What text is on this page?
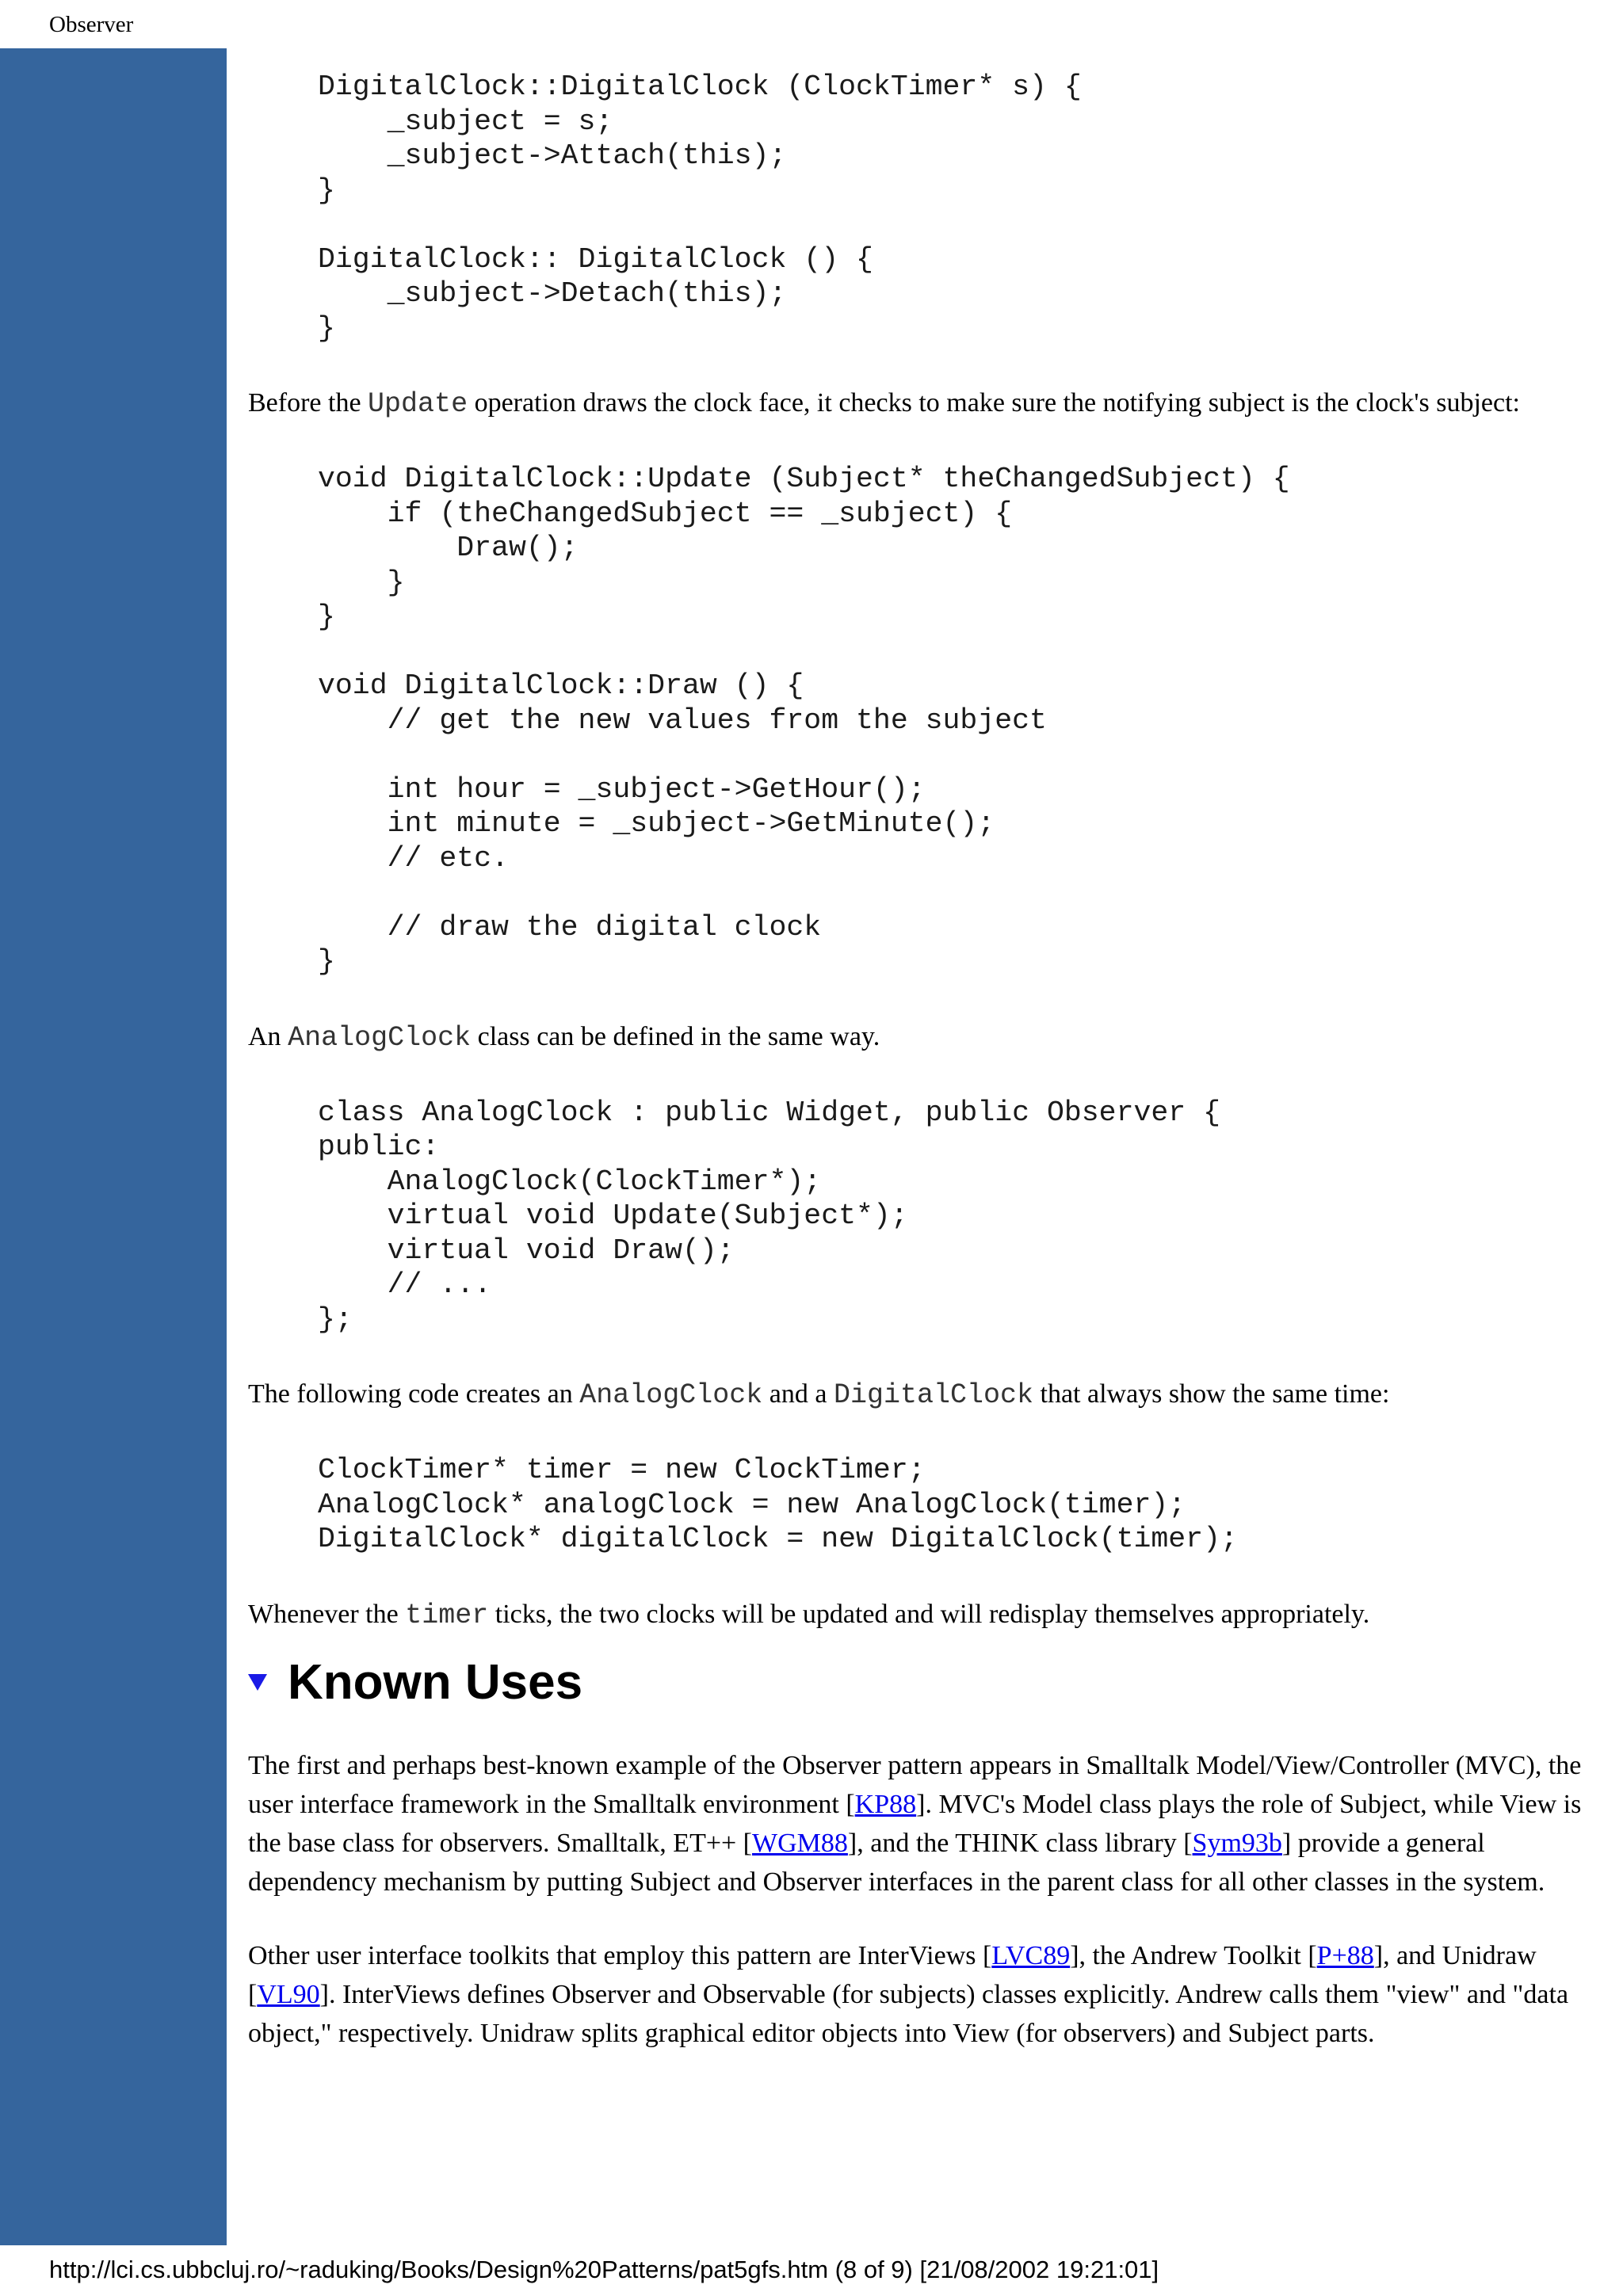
Observer
DigitalClock::DigitalClock (ClockTimer* s) {
_subject = s;
_subject->Attach(this);
}

DigitalClock:: DigitalClock () {
_subject->Detach(this);
}

Before the Update operation draws the clock face, it checks to make sure the notifying subject is the clock's subject:

void DigitalClock::Update (Subject* theChangedSubject) {
if (theChangedSubject == _subject) {
Draw();
}
}

void DigitalClock::Draw () {
// get the new values from the subject

int hour = _subject->GetHour();
int minute = _subject->GetMinute();
// etc.

// draw the digital clock
}

An AnalogClock class can be defined in the same way.

class AnalogClock : public Widget, public Observer {
public:
AnalogClock(ClockTimer*);
virtual void Update(Subject*);
virtual void Draw();
// ...
};

The following code creates an AnalogClock and a DigitalClock that always show the same time:

ClockTimer* timer = new ClockTimer;
AnalogClock* analogClock = new AnalogClock(timer);
DigitalClock* digitalClock = new DigitalClock(timer);

Whenever the timer ticks, the two clocks will be updated and will redisplay themselves appropriately.

Known Uses

The first and perhaps best-known example of the Observer pattern appears in Smalltalk Model/View/Controller (MVC), the user interface framework in the Smalltalk environment [KP88]. MVC's Model class plays the role of Subject, while View is the base class for observers. Smalltalk, ET++ [WGM88], and the THINK class library [Sym93b] provide a general dependency mechanism by putting Subject and Observer interfaces in the parent class for all other classes in the system.

Other user interface toolkits that employ this pattern are InterViews [LVC89], the Andrew Toolkit [P+88], and Unidraw [VL90]. InterViews defines Observer and Observable (for subjects) classes explicitly. Andrew calls them "view" and "data object," respectively. Unidraw splits graphical editor objects into View (for observers) and Subject parts.

http://lci.cs.ubbcluj.ro/~raduking/Books/Design%20Patterns/pat5gfs.htm (8 of 9) [21/08/2002 19:21:01]
